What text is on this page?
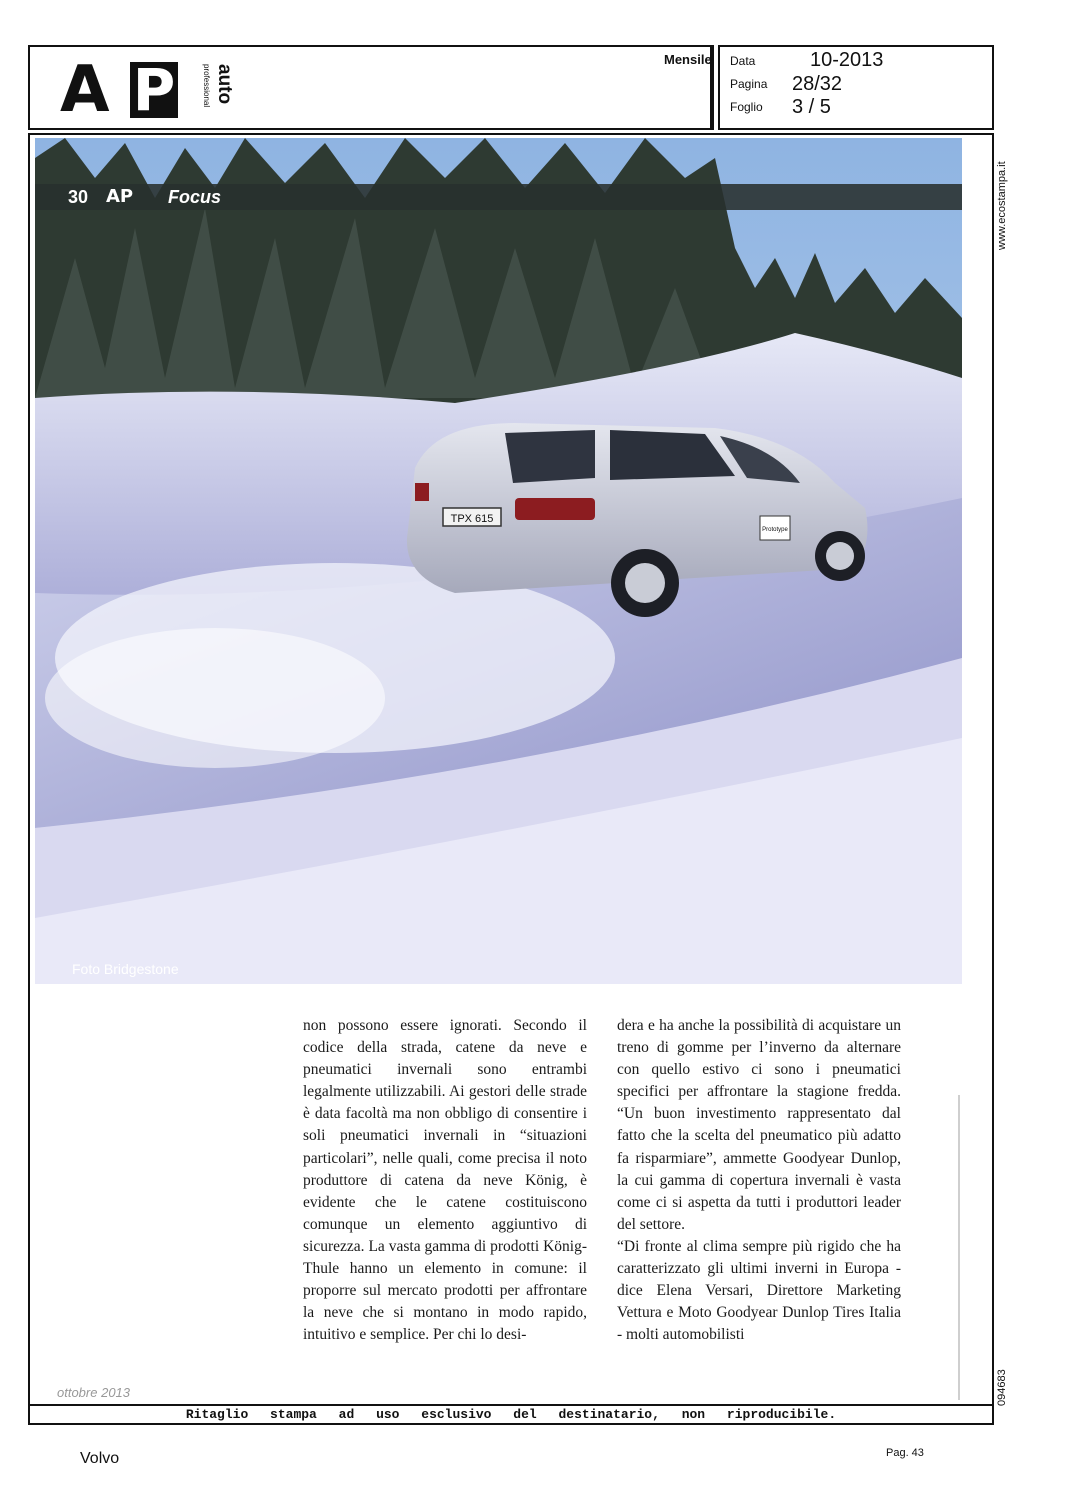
A P auto
professional
Mensile Data	10-2013
Pagina 28/32
Foglio 3 / 5
TPX 615
Prototype
30 AP	Focus
Foto Bridgestone

non possono essere ignorati. Secondo il codice della strada, catene da neve e pneumatici invernali sono entrambi legalmente utilizzabili. Ai gestori delle strade è data facoltà ma non obbligo di consentire i soli pneumatici invernali in “situazioni particolari”, nelle quali, come precisa il noto produttore di catena da neve König, è evidente che le catene costituiscono comunque un elemento aggiuntivo di sicurezza. La vasta gamma di prodotti König-Thule hanno un elemento in comune: il proporre sul mercato prodotti per affrontare la neve che si montano in modo rapido, intuitivo e semplice. Per chi lo desi-

dera e ha anche la possibilità di acquistare un treno di gomme per l’inverno da alternare con quello estivo ci sono i pneumatici specifici per affrontare la stagione fredda. “Un buon investimento rappresentato dal fatto che la scelta del pneumatico più adatto fa risparmiare”, ammette Goodyear Dunlop, la cui gamma di copertura invernali è vasta come ci si aspetta da tutti i produttori leader del settore.

“Di fronte al clima sempre più rigido che ha caratterizzato gli ultimi inverni in Europa - dice Elena Versari, Direttore Marketing Vettura e Moto Goodyear Dunlop Tires Italia - molti automobilisti

www.ecostampa.it
094683
ottobre 2013
Ritaglio stampa ad uso esclusivo del destinatario, non riproducibile.
Volvo	Pag. 43
